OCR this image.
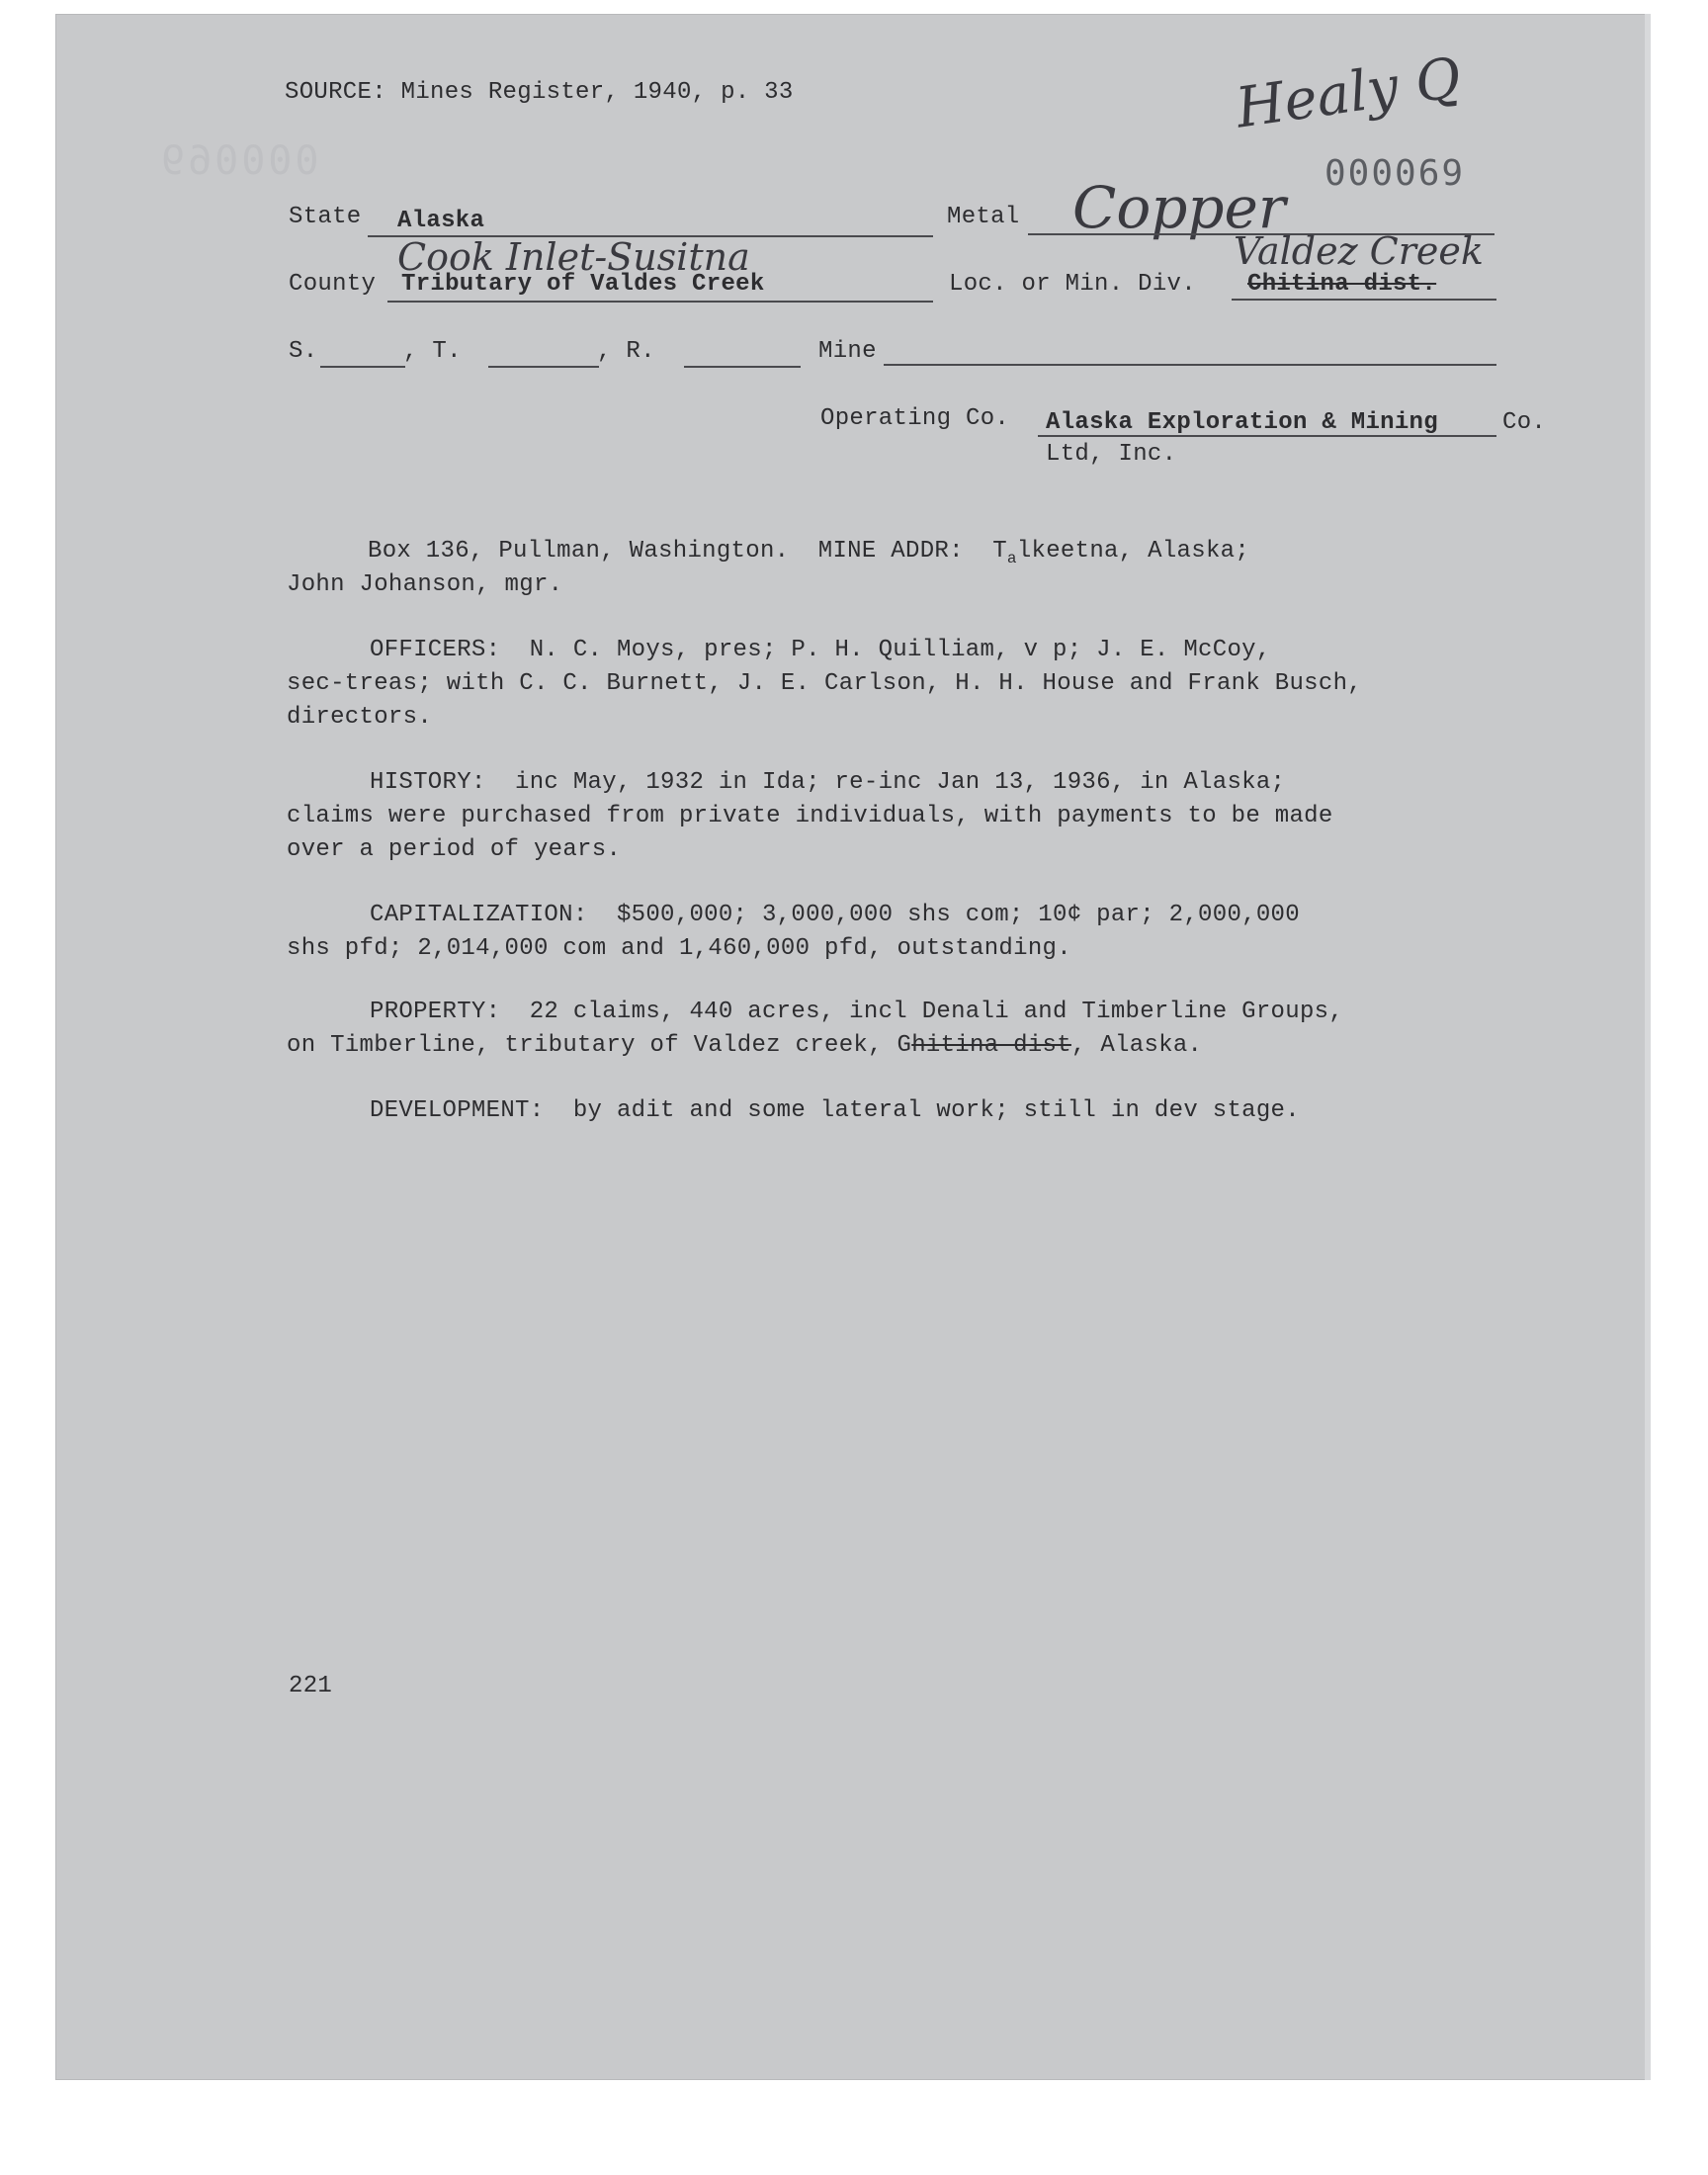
000069
SOURCE: Mines Register, 1940, p. 33	Healy Q
000069
State Alaska	Metal Copper
Cook Inlet-Susitna	Valdez Creek
County Tributary of Valdes Creek	Loc. or Min. Div. Chitina dist.
S.	, T.	, R.	Mine
Operating Co. Alaska Exploration & Mining	Co.
Ltd, Inc.
Box 136, Pullman, Washington.  MINE ADDR:  $T_alkeetna$, Alaska;
John Johanson, mgr.
OFFICERS:  N. C. Moys, pres; P. H. Quilliam, v p; J. E. McCoy,
sec-treas; with C. C. Burnett, J. E. Carlson, H. H. House and Frank Busch,
directors.
HISTORY:  inc May, 1932 in Ida; re-inc Jan 13, 1936, in Alaska;
claims were purchased from private individuals, with payments to be made
over a period of years.
CAPITALIZATION:  $500,000; 3,000,000 shs com; 10¢ par; 2,000,000
shs pfd; 2,014,000 com and 1,460,000 pfd, outstanding.
PROPERTY:  22 claims, 440 acres, incl Denali and Timberline Groups,
on Timberline, tributary of Valdez creek, Ghitina dist, Alaska.
DEVELOPMENT:  by adit and some lateral work; still in dev stage.
221
